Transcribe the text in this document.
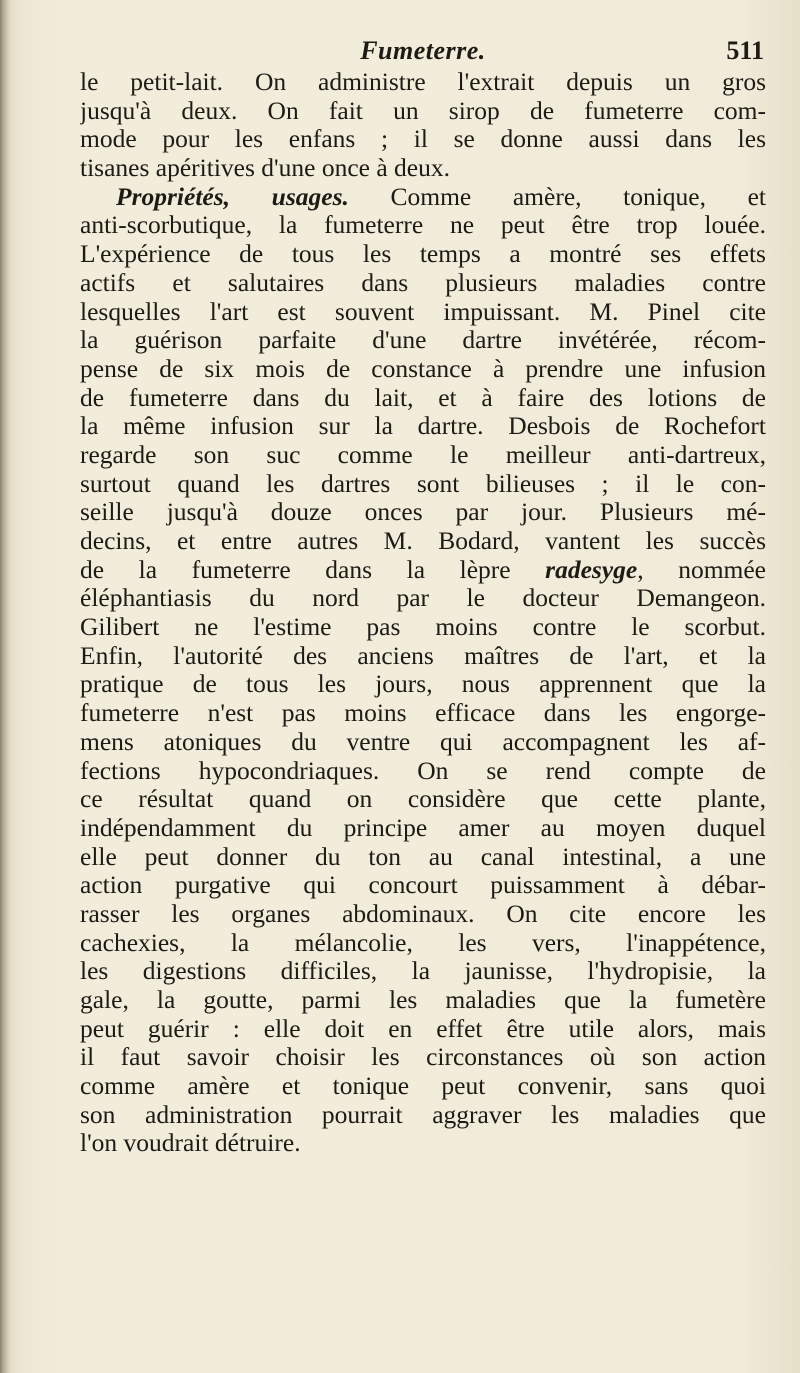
Fumeterre.	511
le petit-lait. On administre l'extrait depuis un gros
jusqu'à deux. On fait un sirop de fumeterre com-
mode pour les enfans ; il se donne aussi dans les
tisanes apéritives d'une once à deux.
Propriétés, usages. Comme amère, tonique, et
anti-scorbutique, la fumeterre ne peut être trop louée.
L'expérience de tous les temps a montré ses effets
actifs et salutaires dans plusieurs maladies contre
lesquelles l'art est souvent impuissant. M. Pinel cite
la guérison parfaite d'une dartre invétérée, récom-
pense de six mois de constance à prendre une infusion
de fumeterre dans du lait, et à faire des lotions de
la même infusion sur la dartre. Desbois de Rochefort
regarde son suc comme le meilleur anti-dartreux,
surtout quand les dartres sont bilieuses ; il le con-
seille jusqu'à douze onces par jour. Plusieurs mé-
decins, et entre autres M. Bodard, vantent les succès
de la fumeterre dans la lèpre radesyge, nommée
éléphantiasis du nord par le docteur Demangeon.
Gilibert ne l'estime pas moins contre le scorbut.
Enfin, l'autorité des anciens maîtres de l'art, et la
pratique de tous les jours, nous apprennent que la
fumeterre n'est pas moins efficace dans les engorge-
mens atoniques du ventre qui accompagnent les af-
fections hypocondriaques. On se rend compte de
ce résultat quand on considère que cette plante,
indépendamment du principe amer au moyen duquel
elle peut donner du ton au canal intestinal, a une
action purgative qui concourt puissamment à débar-
rasser les organes abdominaux. On cite encore les
cachexies, la mélancolie, les vers, l'inappétence,
les digestions difficiles, la jaunisse, l'hydropisie, la
gale, la goutte, parmi les maladies que la fumetère
peut guérir : elle doit en effet être utile alors, mais
il faut savoir choisir les circonstances où son action
comme amère et tonique peut convenir, sans quoi
son administration pourrait aggraver les maladies que
l'on voudrait détruire.
